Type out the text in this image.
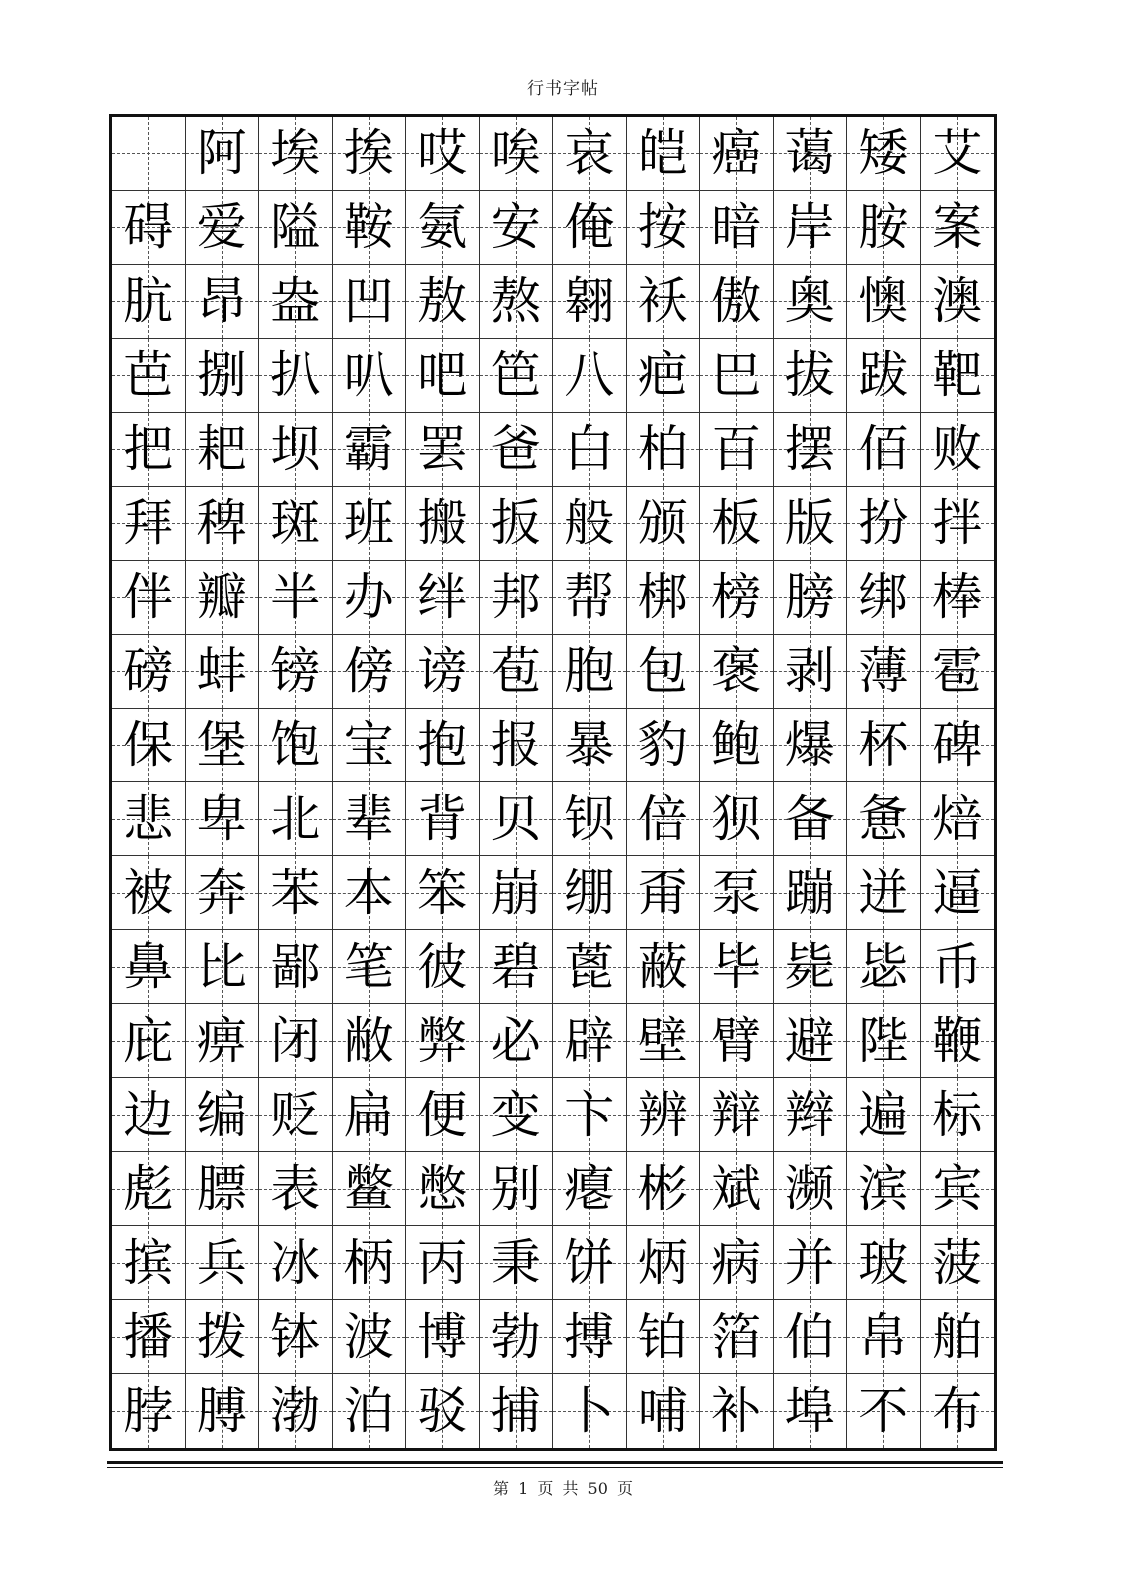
行书字帖
阿 埃 挨 哎 唉 哀 皑 癌 蔼 矮 艾
碍 爱 隘 鞍 氨 安 俺 按 暗 岸 胺 案
肮 昂 盎 凹 敖 熬 翱 袄 傲 奥 懊 澳
芭 捌 扒 叭 吧 笆 八 疤 巴 拔 跋 靶
把 耙 坝 霸 罢 爸 白 柏 百 摆 佰 败
拜 稗 斑 班 搬 扳 般 颁 板 版 扮 拌
伴 瓣 半 办 绊 邦 帮 梆 榜 膀 绑 棒
磅 蚌 镑 傍 谤 苞 胞 包 褒 剥 薄 雹
保 堡 饱 宝 抱 报 暴 豹 鲍 爆 杯 碑
悲 卑 北 辈 背 贝 钡 倍 狈 备 惫 焙
被 奔 苯 本 笨 崩 绷 甭 泵 蹦 迸 逼
鼻 比 鄙 笔 彼 碧 蓖 蔽 毕 毙 毖 币
庇 痹 闭 敝 弊 必 辟 壁 臂 避 陛 鞭
边 编 贬 扁 便 变 卞 辨 辩 辫 遍 标
彪 膘 表 鳖 憋 别 瘪 彬 斌 濒 滨 宾
摈 兵 冰 柄 丙 秉 饼 炳 病 并 玻 菠
播 拨 钵 波 博 勃 搏 铂 箔 伯 帛 舶
脖 膊 渤 泊 驳 捕 卜 哺 补 埠 不 布
第 1 页 共 50 页
